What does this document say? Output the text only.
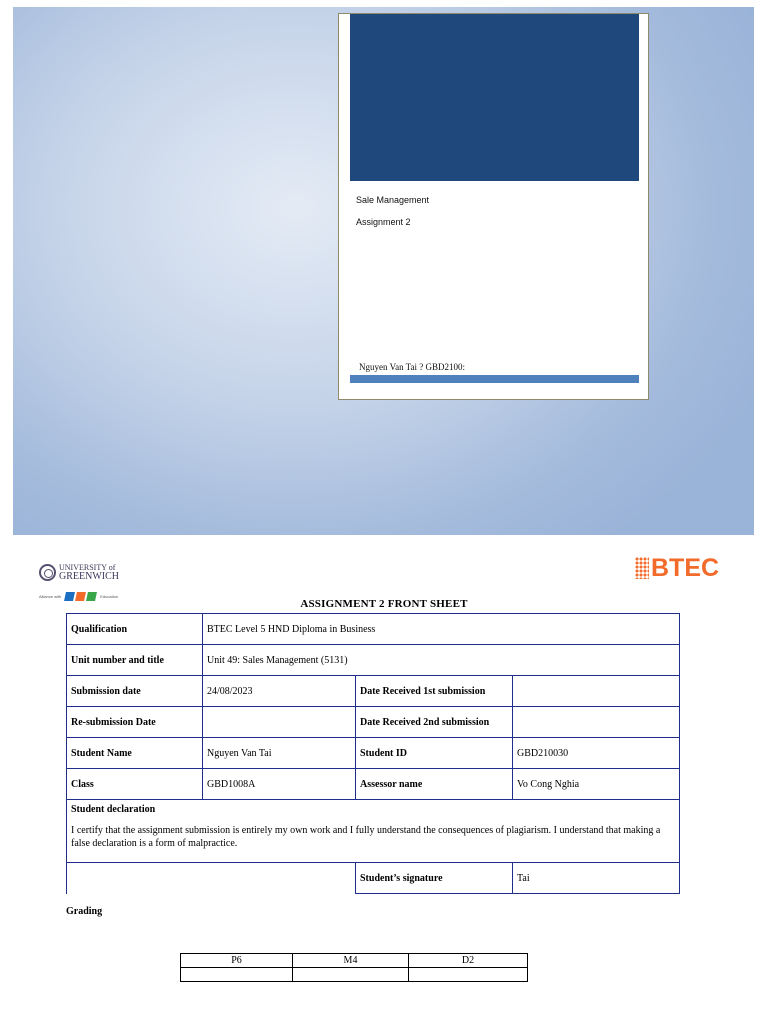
Sale Management
Assignment 2
Nguyen Van Tai ? GBD2100:
UNIVERSITY of
GREENWICH
Alliance with	Education
BTEC
ASSIGNMENT 2 FRONT SHEET
Qualification	BTEC Level 5 HND Diploma in Business		
Unit number and title	Unit 49: Sales Management (5131)		
Submission date	24/08/2023	Date Received 1st submission	
Re-submission Date		Date Received 2nd submission	
Student Name	Nguyen Van Tai	Student ID	GBD210030
Class	GBD1008A	Assessor name	Vo Cong Nghia

Student declaration
I certify that the assignment submission is entirely my own work and I fully understand the consequences of plagiarism. I understand that making a false declaration is a form of malpractice.			

		Student’s signature	Tai
Grading
P6	M4	D2
